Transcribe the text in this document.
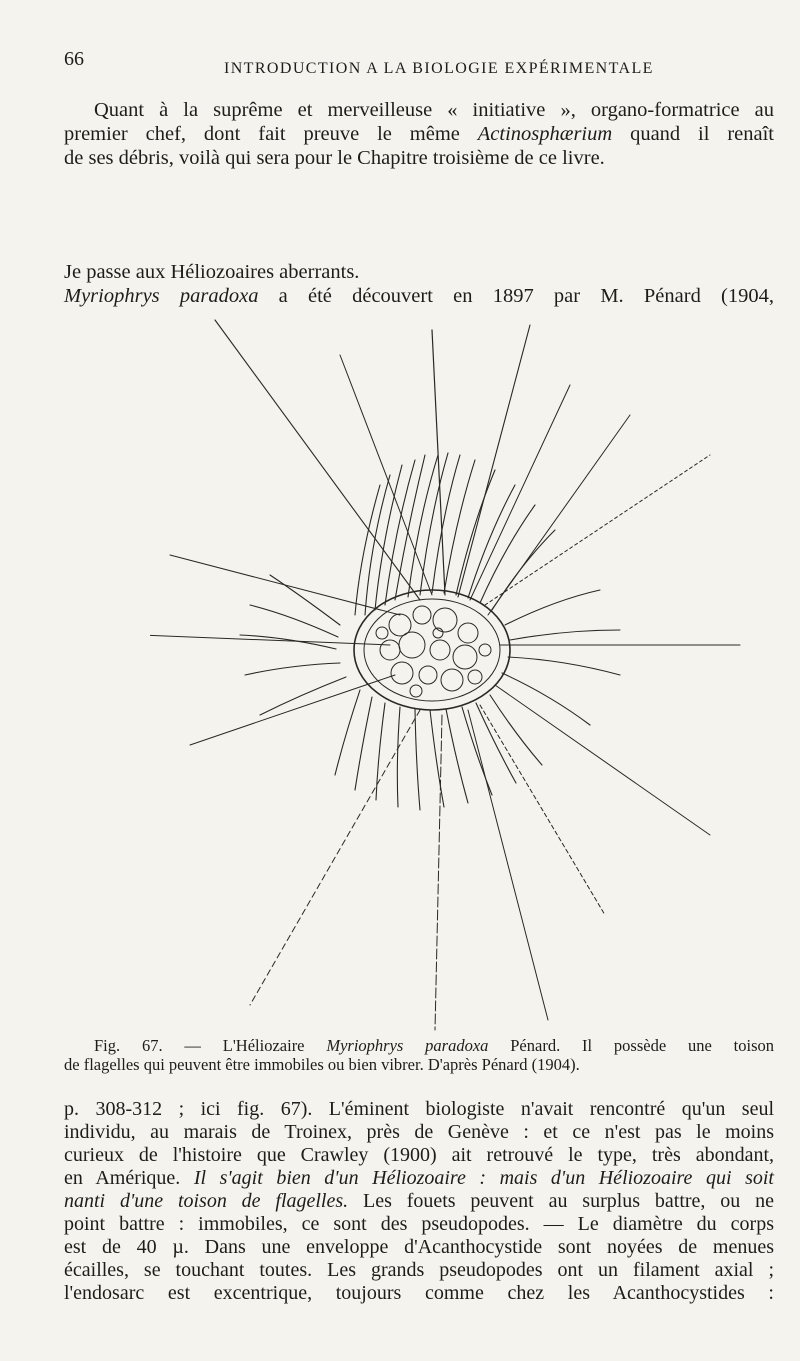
66	INTRODUCTION A LA BIOLOGIE EXPÉRIMENTALE
Quant à la suprême et merveilleuse « initiative », organo-formatrice au
premier chef, dont fait preuve le même Actinosphærium quand il renaît
de ses débris, voilà qui sera pour le Chapitre troisième de ce livre.
Je passe aux Héliozoaires aberrants.
Myriophrys paradoxa a été découvert en 1897 par M. Pénard (1904,
Fig. 67. — L'Héliozaire Myriophrys paradoxa Pénard. Il possède une toison
de flagelles qui peuvent être immobiles ou bien vibrer. D'après Pénard (1904).
p. 308-312 ; ici fig. 67). L'éminent biologiste n'avait rencontré qu'un seul
individu, au marais de Troinex, près de Genève : et ce n'est pas le moins
curieux de l'histoire que Crawley (1900) ait retrouvé le type, très abondant,
en Amérique. Il s'agit bien d'un Héliozoaire : mais d'un Héliozoaire qui soit
nanti d'une toison de flagelles. Les fouets peuvent au surplus battre, ou ne
point battre : immobiles, ce sont des pseudopodes. — Le diamètre du corps
est de 40 µ. Dans une enveloppe d'Acanthocystide sont noyées de menues
écailles, se touchant toutes. Les grands pseudopodes ont un filament axial ;
l'endosarc est excentrique, toujours comme chez les Acanthocystides :
